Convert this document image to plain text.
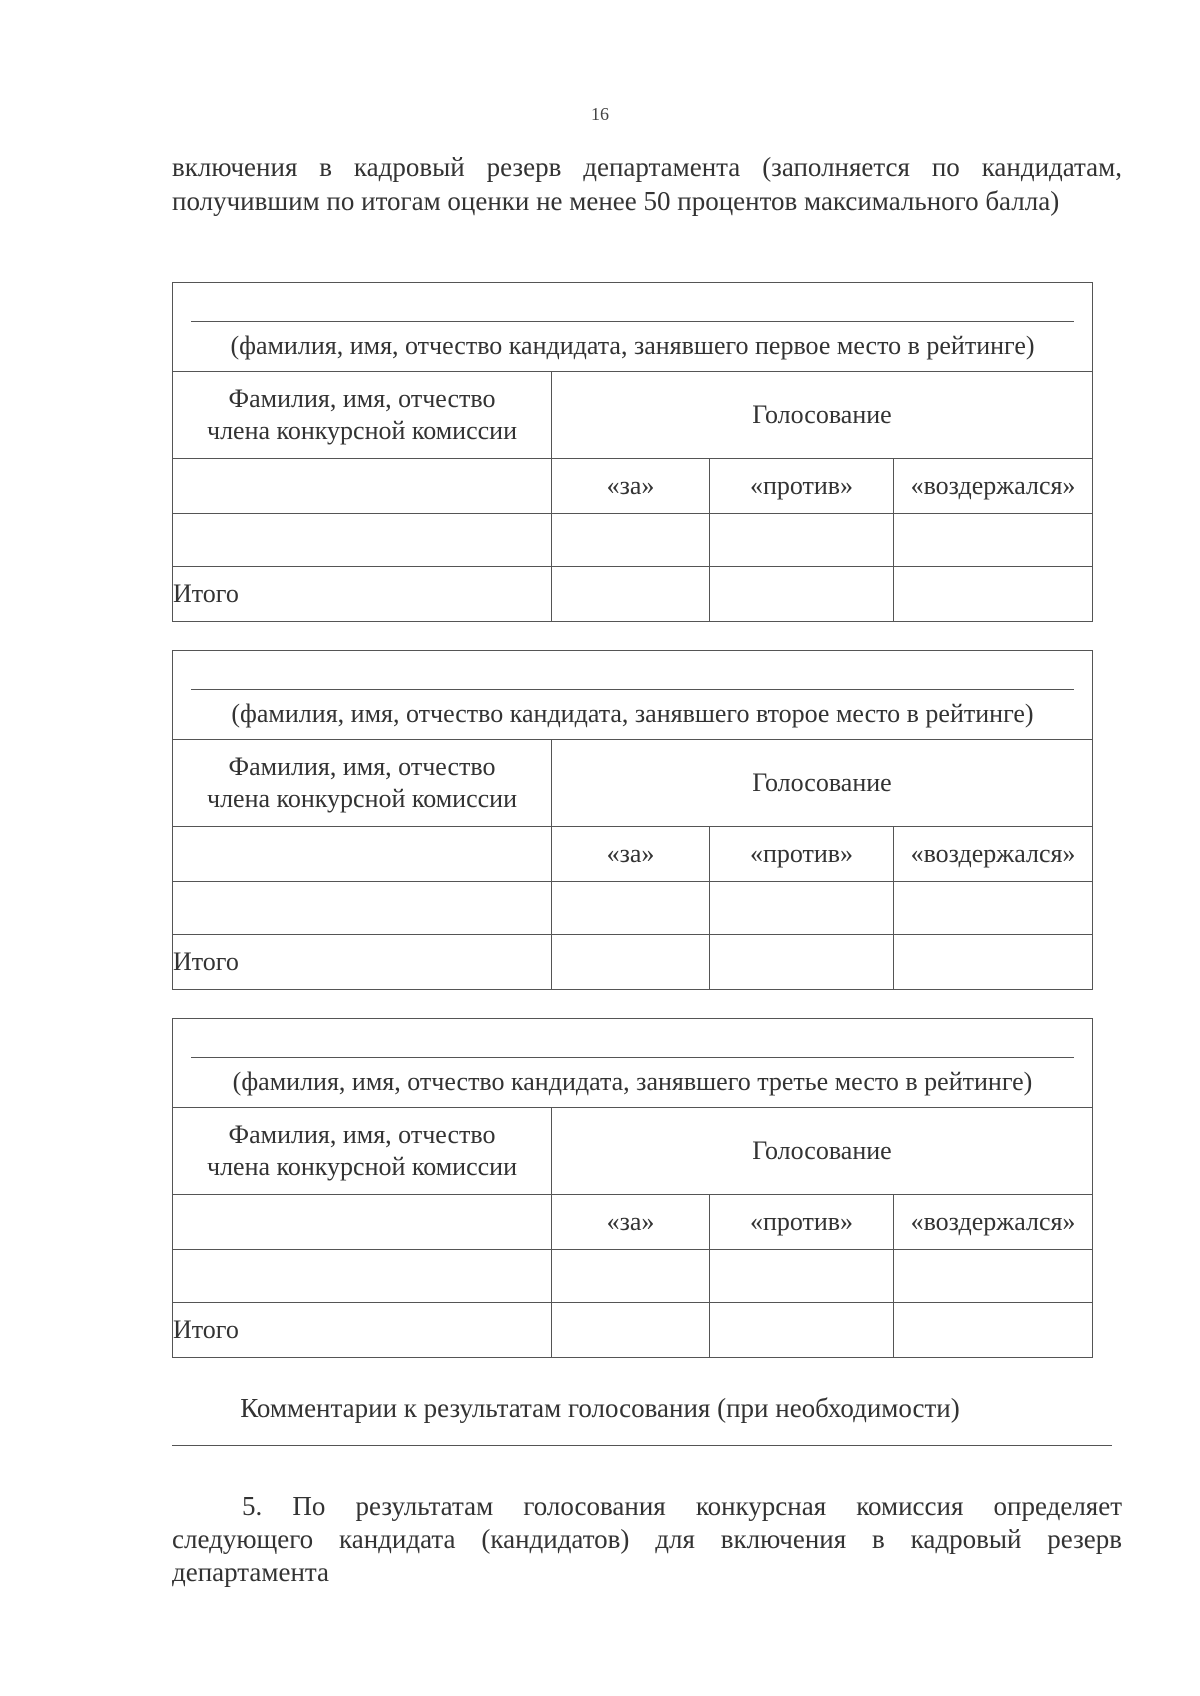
16

включения в кадровый резерв департамента (заполняется по кандидатам,
получившим по итогам оценки не менее 50 процентов максимального балла)

(фамилия, имя, отчество кандидата, занявшего первое место в рейтинге)			

Фамилия, имя, отчество
члена конкурсной комиссии	Голосование		
	«за»	«против»	«воздержался»

Итого			
(фамилия, имя, отчество кандидата, занявшего второе место в рейтинге)			

Фамилия, имя, отчество
члена конкурсной комиссии	Голосование		
	«за»	«против»	«воздержался»

Итого			
(фамилия, имя, отчество кандидата, занявшего третье место в рейтинге)			

Фамилия, имя, отчество
члена конкурсной комиссии	Голосование		
	«за»	«против»	«воздержался»

Итого			
Комментарии к результатам голосования (при необходимости)

5. По результатам голосования конкурсная комиссия определяет
следующего кандидата (кандидатов) для включения в кадровый резерв
департамента
